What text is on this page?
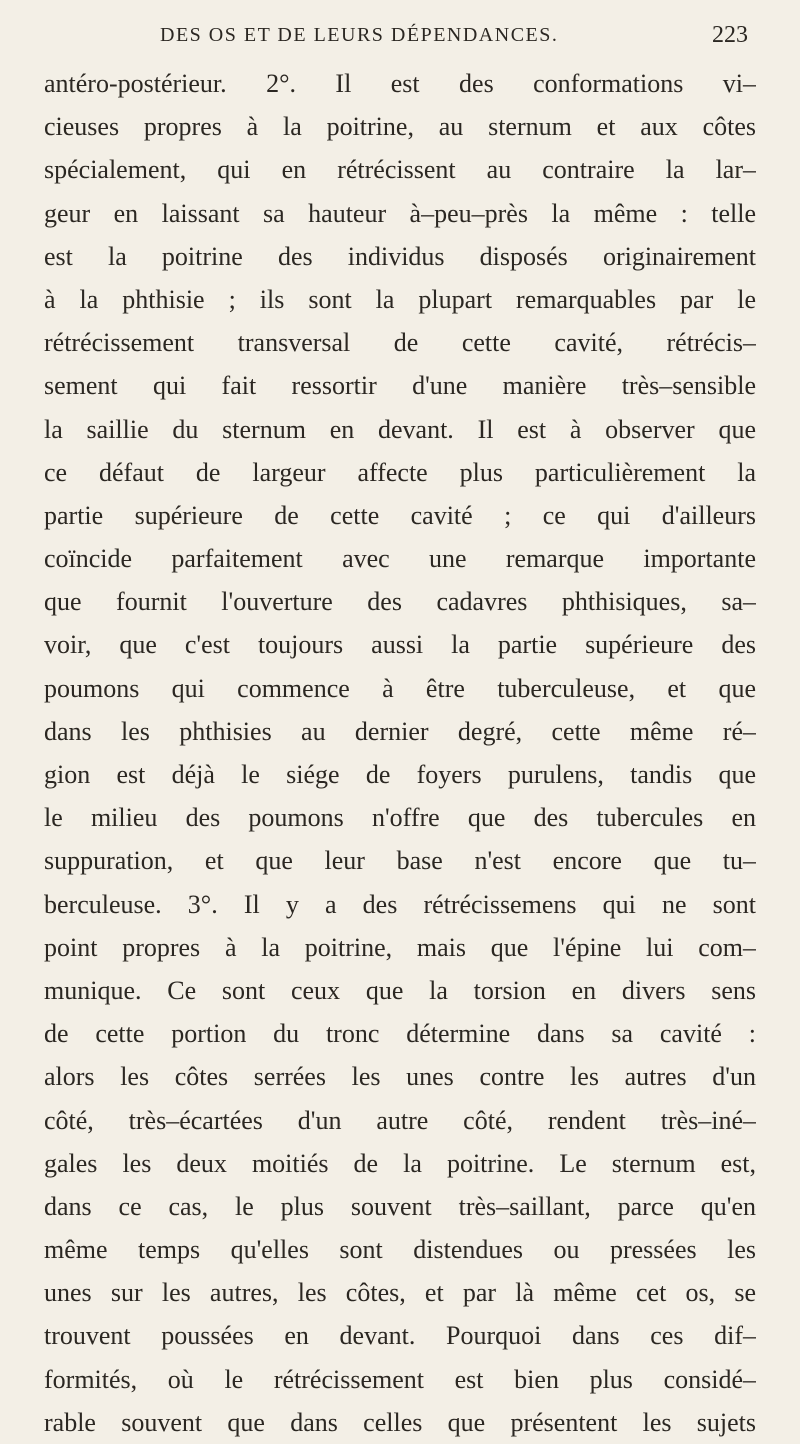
DES OS ET DE LEURS DÉPENDANCES.	223
antéro-postérieur. 2°. Il est des conformations vi–
cieuses propres à la poitrine, au sternum et aux côtes
spécialement, qui en rétrécissent au contraire la lar–
geur en laissant sa hauteur à–peu–près la même : telle
est la poitrine des individus disposés originairement
à la phthisie ; ils sont la plupart remarquables par le
rétrécissement transversal de cette cavité, rétrécis–
sement qui fait ressortir d'une manière très–sensible
la saillie du sternum en devant. Il est à observer que
ce défaut de largeur affecte plus particulièrement la
partie supérieure de cette cavité ; ce qui d'ailleurs
coïncide parfaitement avec une remarque importante
que fournit l'ouverture des cadavres phthisiques, sa–
voir, que c'est toujours aussi la partie supérieure des
poumons qui commence à être tuberculeuse, et que
dans les phthisies au dernier degré, cette même ré–
gion est déjà le siége de foyers purulens, tandis que
le milieu des poumons n'offre que des tubercules en
suppuration, et que leur base n'est encore que tu–
berculeuse. 3°. Il y a des rétrécissemens qui ne sont
point propres à la poitrine, mais que l'épine lui com–
munique. Ce sont ceux que la torsion en divers sens
de cette portion du tronc détermine dans sa cavité :
alors les côtes serrées les unes contre les autres d'un
côté, très–écartées d'un autre côté, rendent très–iné–
gales les deux moitiés de la poitrine. Le sternum est,
dans ce cas, le plus souvent très–saillant, parce qu'en
même temps qu'elles sont distendues ou pressées les
unes sur les autres, les côtes, et par là même cet os, se
trouvent poussées en devant. Pourquoi dans ces dif–
formités, où le rétrécissement est bien plus considé–
rable souvent que dans celles que présentent les sujets
